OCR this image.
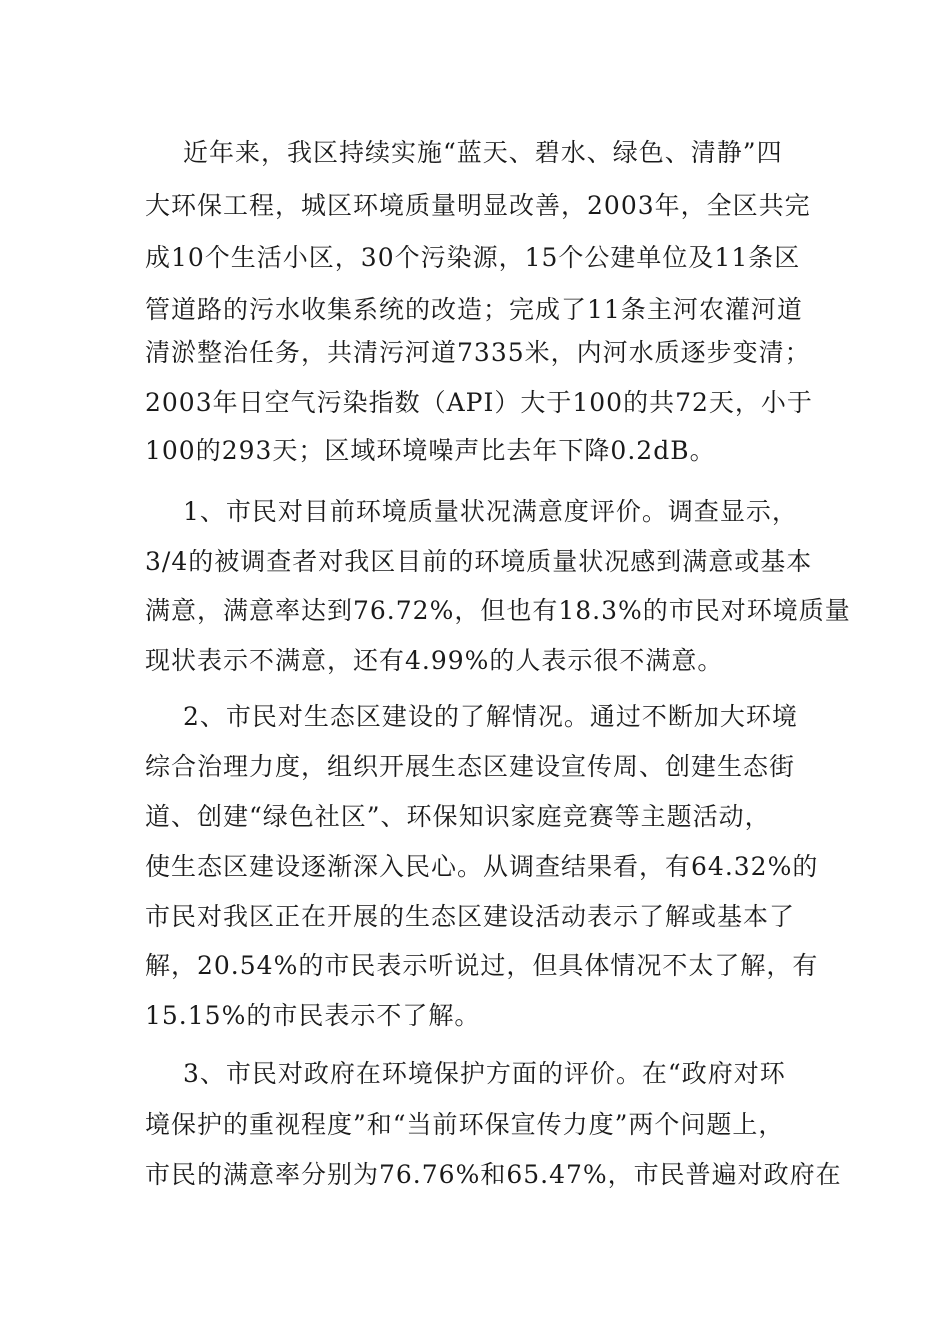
近年来，我区持续实施“蓝天、碧水、绿色、清静”四
大环保工程，城区环境质量明显改善，2003年，全区共完
成10个生活小区，30个污染源，15个公建单位及11条区
管道路的污水收集系统的改造；完成了11条主河农灌河道
清淤整治任务，共清污河道7335米，内河水质逐步变清；
2003年日空气污染指数（API）大于100的共72天，小于
100的293天；区域环境噪声比去年下降0.2dB。
1、市民对目前环境质量状况满意度评价。调查显示，
3/4的被调查者对我区目前的环境质量状况感到满意或基本
满意，满意率达到76.72%，但也有18.3%的市民对环境质量
现状表示不满意，还有4.99%的人表示很不满意。
2、市民对生态区建设的了解情况。通过不断加大环境
综合治理力度，组织开展生态区建设宣传周、创建生态街
道、创建“绿色社区”、环保知识家庭竞赛等主题活动，
使生态区建设逐渐深入民心。从调查结果看，有64.32%的
市民对我区正在开展的生态区建设活动表示了解或基本了
解，20.54%的市民表示听说过，但具体情况不太了解，有
15.15%的市民表示不了解。
3、市民对政府在环境保护方面的评价。在“政府对环
境保护的重视程度”和“当前环保宣传力度”两个问题上，
市民的满意率分别为76.76%和65.47%，市民普遍对政府在
